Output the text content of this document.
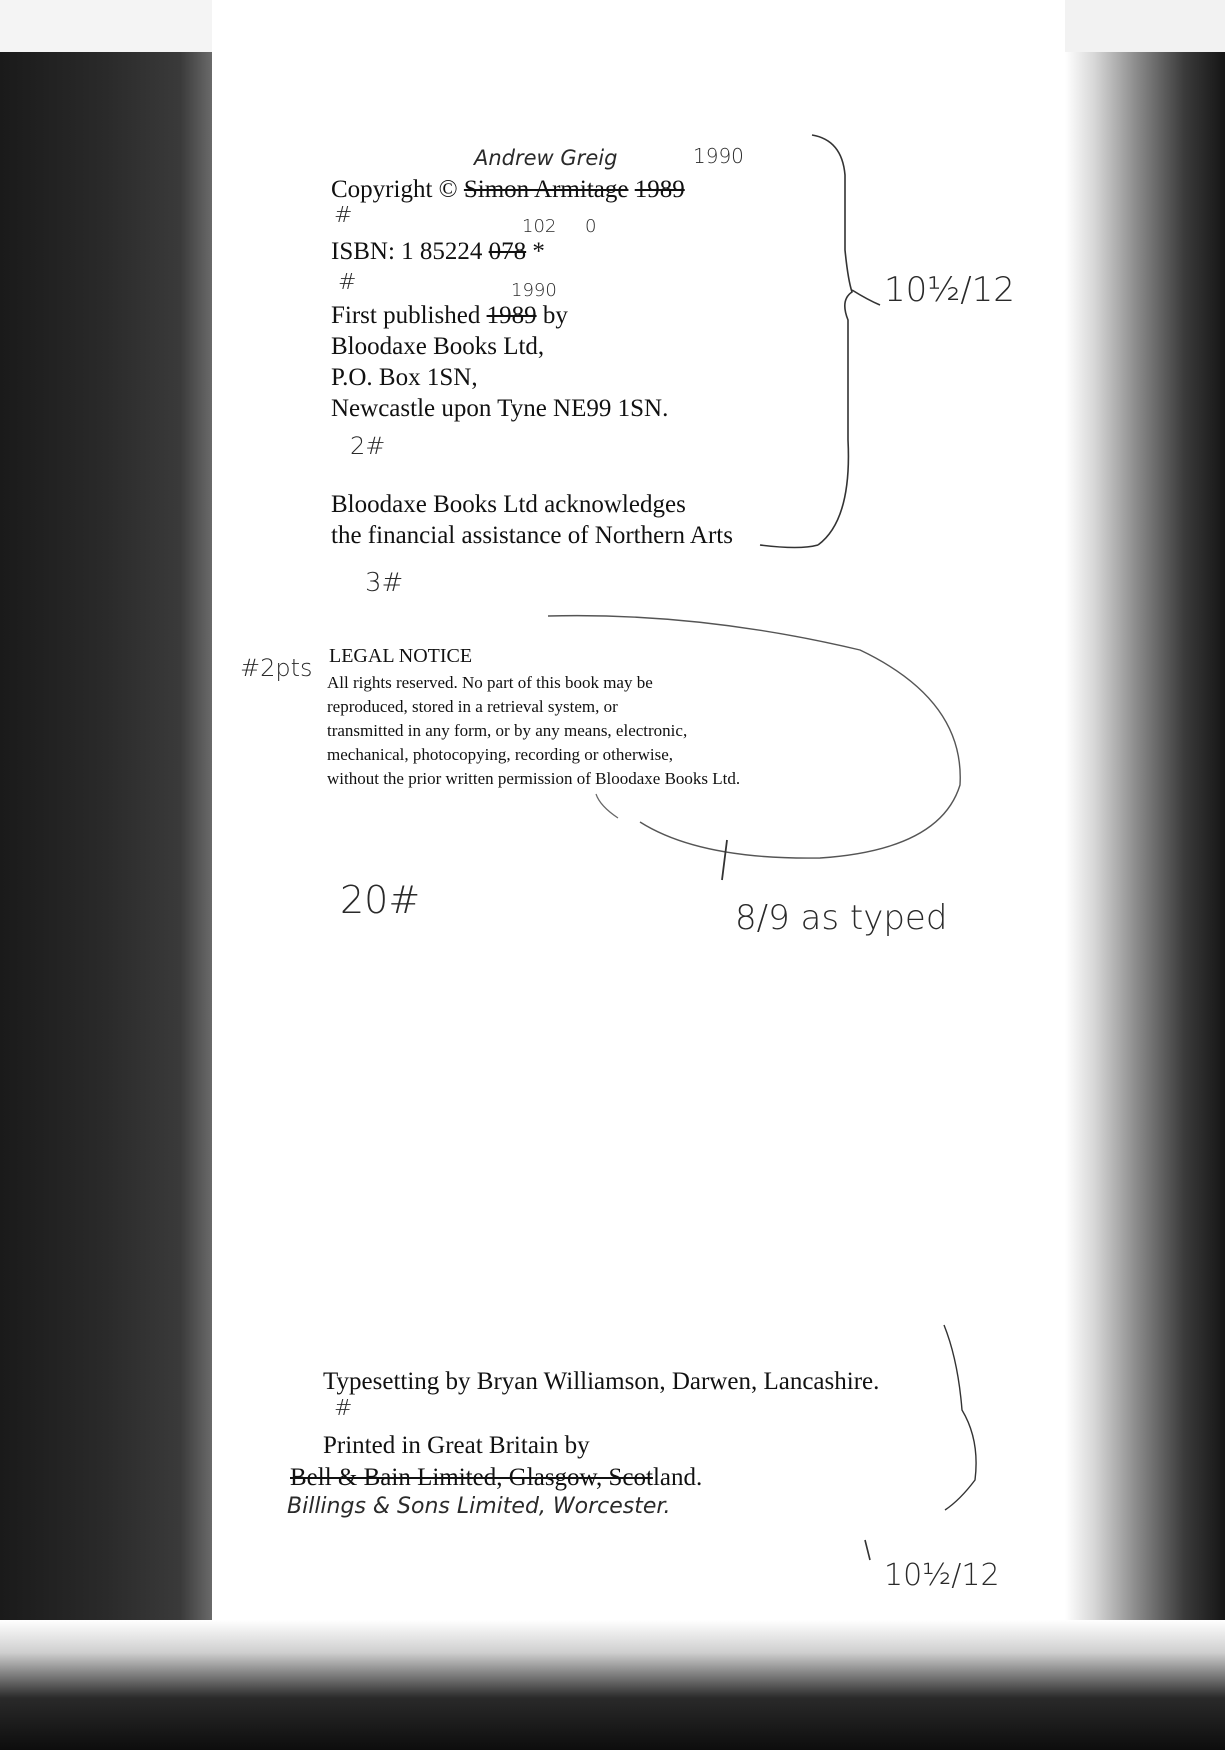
Copyright © Simon Armitage 1989
ISBN: 1 85224 078 *
First published 1989 by
Bloodaxe Books Ltd,
P.O. Box 1SN,
Newcastle upon Tyne NE99 1SN.
Bloodaxe Books Ltd acknowledges
the financial assistance of Northern Arts
LEGAL NOTICE
All rights reserved. No part of this book may be
reproduced, stored in a retrieval system, or
transmitted in any form, or by any means, electronic,
mechanical, photocopying, recording or otherwise,
without the prior written permission of Bloodaxe Books Ltd.
Typesetting by Bryan Williamson, Darwen, Lancashire.
Printed in Great Britain by
Bell & Bain Limited, Glasgow, Scotland.
Andrew Greig	1990
102 0
1990
#
#
2#
3#
#2pts
20#
#
10½/12
8/9 as typed
10½/12
Billings & Sons Limited, Worcester.
